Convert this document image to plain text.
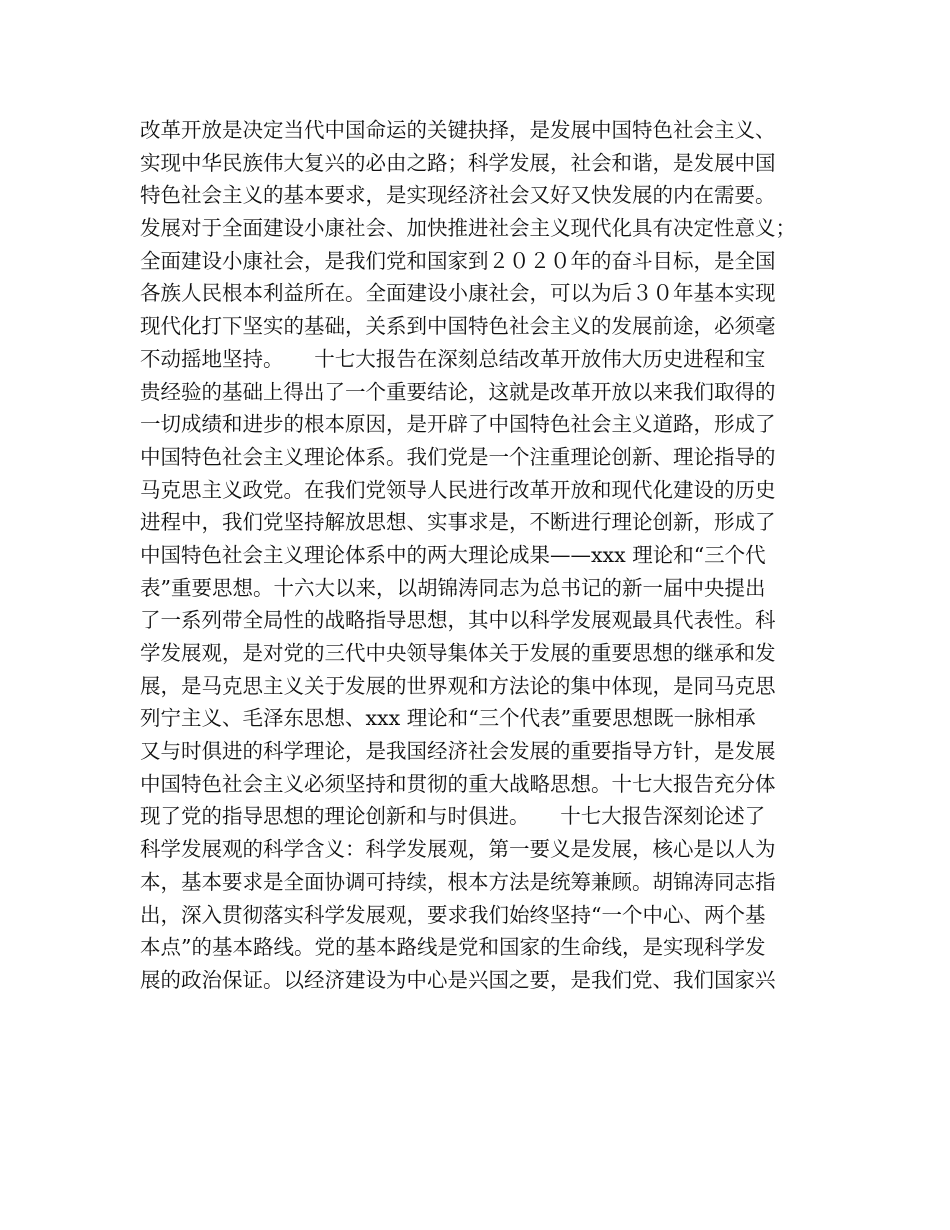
改革开放是决定当代中国命运的关键抉择，是发展中国特色社会主义、
实现中华民族伟大复兴的必由之路；科学发展，社会和谐，是发展中国
特色社会主义的基本要求，是实现经济社会又好又快发展的内在需要。
发展对于全面建设小康社会、加快推进社会主义现代化具有决定性意义；
全面建设小康社会，是我们党和国家到２０２０年的奋斗目标，是全国
各族人民根本利益所在。全面建设小康社会，可以为后３０年基本实现
现代化打下坚实的基础，关系到中国特色社会主义的发展前途，必须毫
不动摇地坚持。　　十七大报告在深刻总结改革开放伟大历史进程和宝
贵经验的基础上得出了一个重要结论，这就是改革开放以来我们取得的
一切成绩和进步的根本原因，是开辟了中国特色社会主义道路，形成了
中国特色社会主义理论体系。我们党是一个注重理论创新、理论指导的
马克思主义政党。在我们党领导人民进行改革开放和现代化建设的历史
进程中，我们党坚持解放思想、实事求是，不断进行理论创新，形成了
中国特色社会主义理论体系中的两大理论成果——xxx 理论和“三个代
表”重要思想。十六大以来，以胡锦涛同志为总书记的新一届中央提出
了一系列带全局性的战略指导思想，其中以科学发展观最具代表性。科
学发展观，是对党的三代中央领导集体关于发展的重要思想的继承和发
展，是马克思主义关于发展的世界观和方法论的集中体现，是同马克思
列宁主义、毛泽东思想、xxx 理论和“三个代表”重要思想既一脉相承
又与时俱进的科学理论，是我国经济社会发展的重要指导方针，是发展
中国特色社会主义必须坚持和贯彻的重大战略思想。十七大报告充分体
现了党的指导思想的理论创新和与时俱进。　　十七大报告深刻论述了
科学发展观的科学含义：科学发展观，第一要义是发展，核心是以人为
本，基本要求是全面协调可持续，根本方法是统筹兼顾。胡锦涛同志指
出，深入贯彻落实科学发展观，要求我们始终坚持“一个中心、两个基
本点”的基本路线。党的基本路线是党和国家的生命线，是实现科学发
展的政治保证。以经济建设为中心是兴国之要，是我们党、我们国家兴
